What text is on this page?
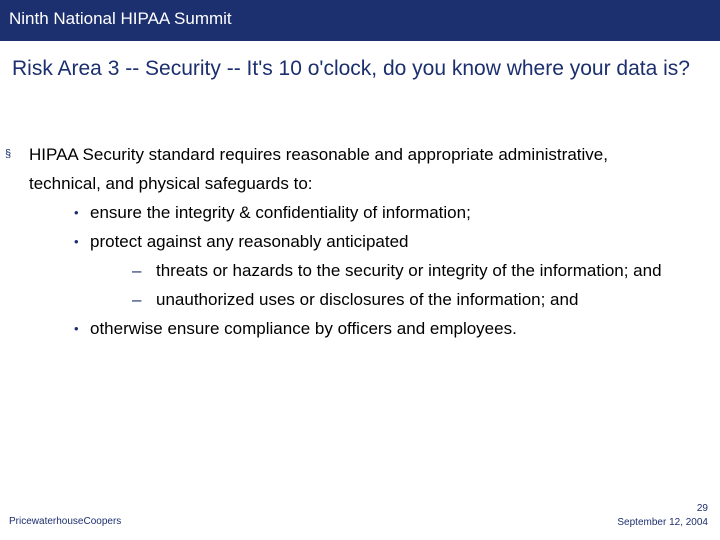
Ninth National HIPAA Summit
Risk Area 3 -- Security -- It's 10 o'clock, do you know where your data is?
§ HIPAA Security standard requires reasonable and appropriate administrative,
technical, and physical safeguards to:
• ensure the integrity & confidentiality of information;
• protect against any reasonably anticipated
– threats or hazards to the security or integrity of the information; and
– unauthorized uses or disclosures of the information; and
• otherwise ensure compliance by officers and employees.
PricewaterhouseCoopers
29
September 12, 2004
